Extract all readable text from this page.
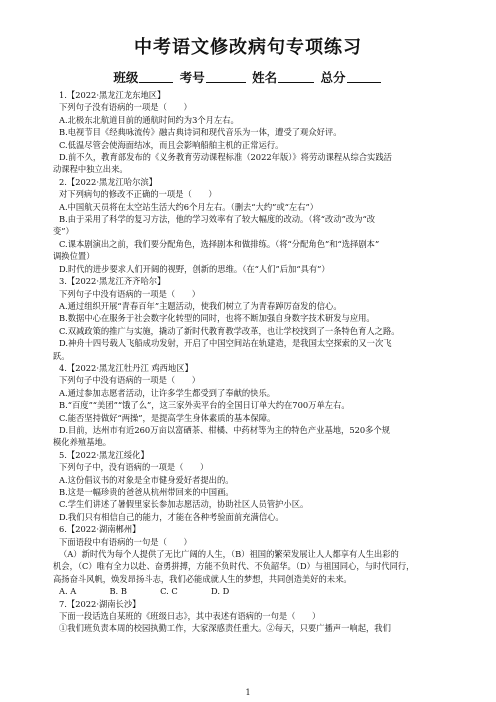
中考语文修改病句专项练习
班级	考号	姓名	总分
1.【2022·黑龙江龙东地区】
下列句子没有语病的一项是（　　）
A.北极东北航道目前的通航时间约为3个月左右。
B.电视节目《经典咏流传》融古典诗词和现代音乐为一体，遭受了观众好评。
C.低温尽管会使海面结冰，而且会影响船舶主机的正常运行。
D.前不久，教育部发布的《义务教育劳动课程标准（2022年版）》将劳动课程从综合实践活
动课程中独立出来。
2.【2022·黑龙江哈尔滨】
对下列病句的修改不正确的一项是（　　）
A.中国航天员将在太空站生活大约6个月左右。（删去“大约”或“左右”）
B.由于采用了科学的复习方法，他的学习效率有了较大幅度的改动。（将“改动”改为“改
变”）
C.课本剧演出之前，我们要分配角色，选择剧本和做排练。（将“分配角色”和“选择剧本”
调换位置）
D.时代的进步要求人们开阔的视野，创新的思维。（在“人们”后加“具有”）
3.【2022·黑龙江齐齐哈尔】
下列句子中没有语病的一项是（　　）
A.通过组织开展“青春百年”主题活动，使我们树立了为青春踔厉奋发的信心。
B.数据中心在服务于社会数字化转型的同时，也将不断加强自身数字技术研发与应用。
C.双减政策的推广与实施，撬动了新时代教育教学改革，也让学校找到了一条特色育人之路。
D.神舟十四号载人飞船成功发射，开启了中国空间站在轨建造，是我国太空探索的又一次飞
跃。
4.【2022·黑龙江牡丹江 鸡西地区】
下列句子中没有语病的一项是（　　）
A.通过参加志愿者活动，让许多学生都受到了奉献的快乐。
B.“百度”“美团”“饿了么”，这三家外卖平台的全国日订单大约在700万单左右。
C.能否坚持做好“两操”，是提高学生身体素质的基本保障。
D.目前，达州市有近260万亩以富硒茶、柑橘、中药材等为主的特色产业基地，520多个规
模化养殖基地。
5.【2022·黑龙江绥化】
下列句子中，没有语病的一项是（　　）
A.这份倡议书的对象是全市健身爱好者提出的。
B.这是一幅珍贵的爸爸从杭州带回来的中国画。
C.学生们讲述了暑假里家长参加志愿活动，协助社区人员管护小区。
D.我们只有相信自己的能力，才能在各种考验面前充满信心。
6.【2022·湖南郴州】
下面语段中有语病的一句是（　　）
（A）新时代为每个人提供了无比广阔的人生，（B）祖国的繁荣发展让人人都享有人生出彩的
机会，（C）唯有全力以赴、奋勇拼搏，方能不负时代、不负韶华。（D）与祖国同心，与时代同行，
高扬奋斗风帆，焕发昂扬斗志，我们必能成就人生的梦想，共同创造美好的未来。
A. A　　　　B. B　　　　C. C　　　　D. D
7.【2022·湖南长沙】
下面一段话选自某班的《班级日志》，其中表述有语病的一句是（　　）
①我们班负责本周的校园执勤工作，大家深感责任重大。②每天，只要广播声一响起，我们
1
